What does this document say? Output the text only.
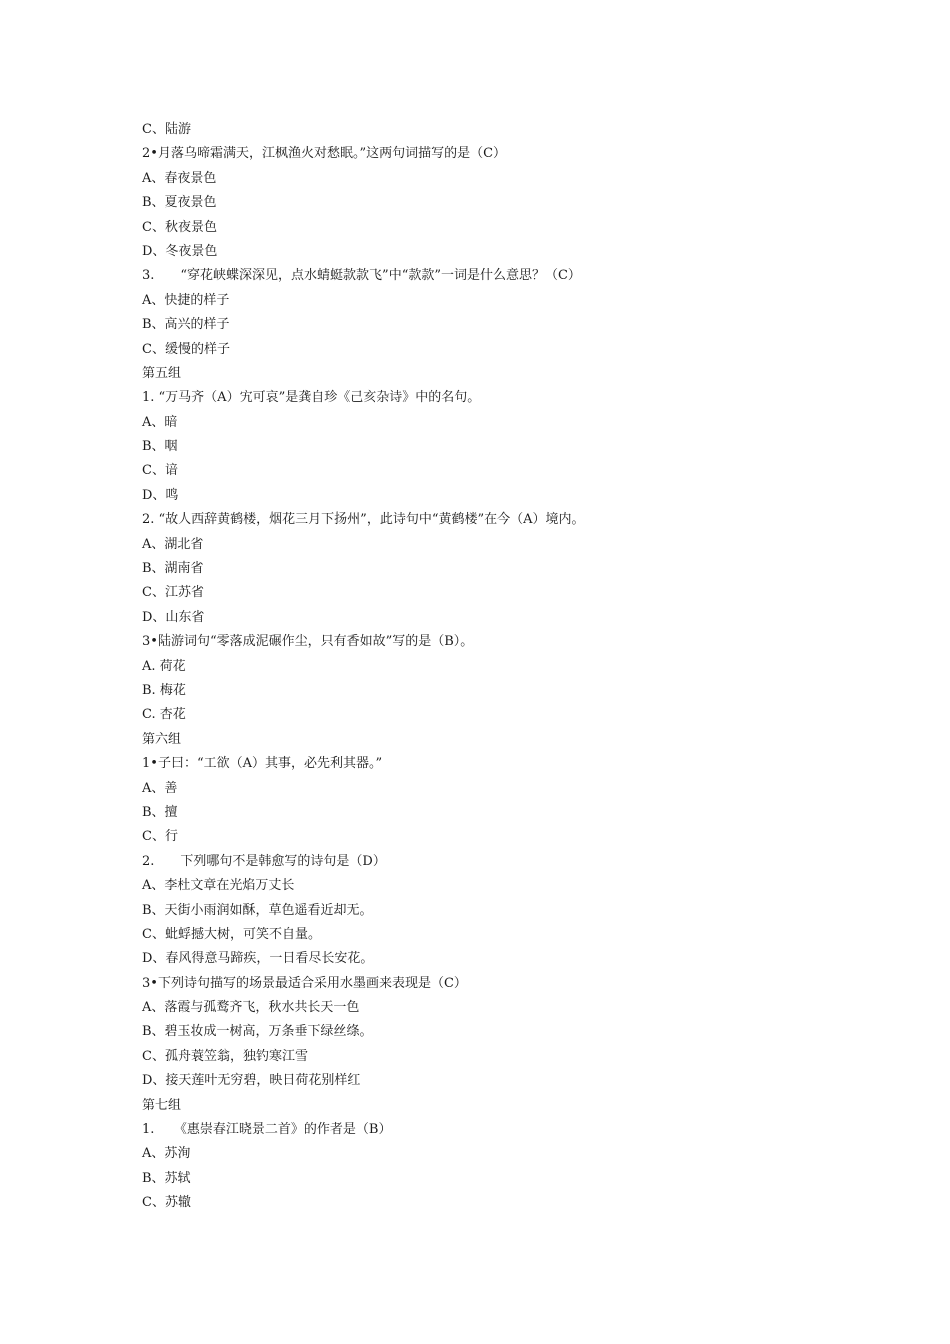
C、陆游
2•月落乌啼霜满天，江枫渔火对愁眠。”这两句词描写的是（C）
A、春夜景色
B、夏夜景色
C、秋夜景色
D、冬夜景色
3.　　“穿花峡蝶深深见，点水蜻蜓款款飞”中“款款”一词是什么意思？（C）
A、快捷的样子
B、高兴的样子
C、缓慢的样子
第五组
1. “万马齐（A）宄可哀”是龚自珍《己亥杂诗》中的名句。
A、暗
B、咽
C、谙
D、鸣
2. “故人西辞黄鹤楼，烟花三月下扬州”，此诗句中“黄鹤楼”在今（A）境内。
A、湖北省
B、湖南省
C、江苏省
D、山东省
3•陆游词句“零落成泥碾作尘，只有香如故”写的是（B）。
A. 荷花
B. 梅花
C. 杏花
第六组
1•子曰：“工欲（A）其事，必先利其器。”
A、善
B、擅
C、行
2.　　下列哪句不是韩愈写的诗句是（D）
A、李杜文章在光焰万丈长
B、天街小雨润如酥，草色遥看近却无。
C、蚍蜉撼大树，可笑不自量。
D、春风得意马蹄疾，一日看尽长安花。
3•下列诗句描写的场景最适合采用水墨画来表现是（C）
A、落霞与孤鹜齐飞，秋水共长天一色
B、碧玉妆成一树高，万条垂下绿丝绦。
C、孤舟蓑笠翁，独钓寒江雪
D、接天莲叶无穷碧，映日荷花别样红
第七组
1.　　《惠崇春江晓景二首》的作者是（B）
A、苏洵
B、苏轼
C、苏辙
